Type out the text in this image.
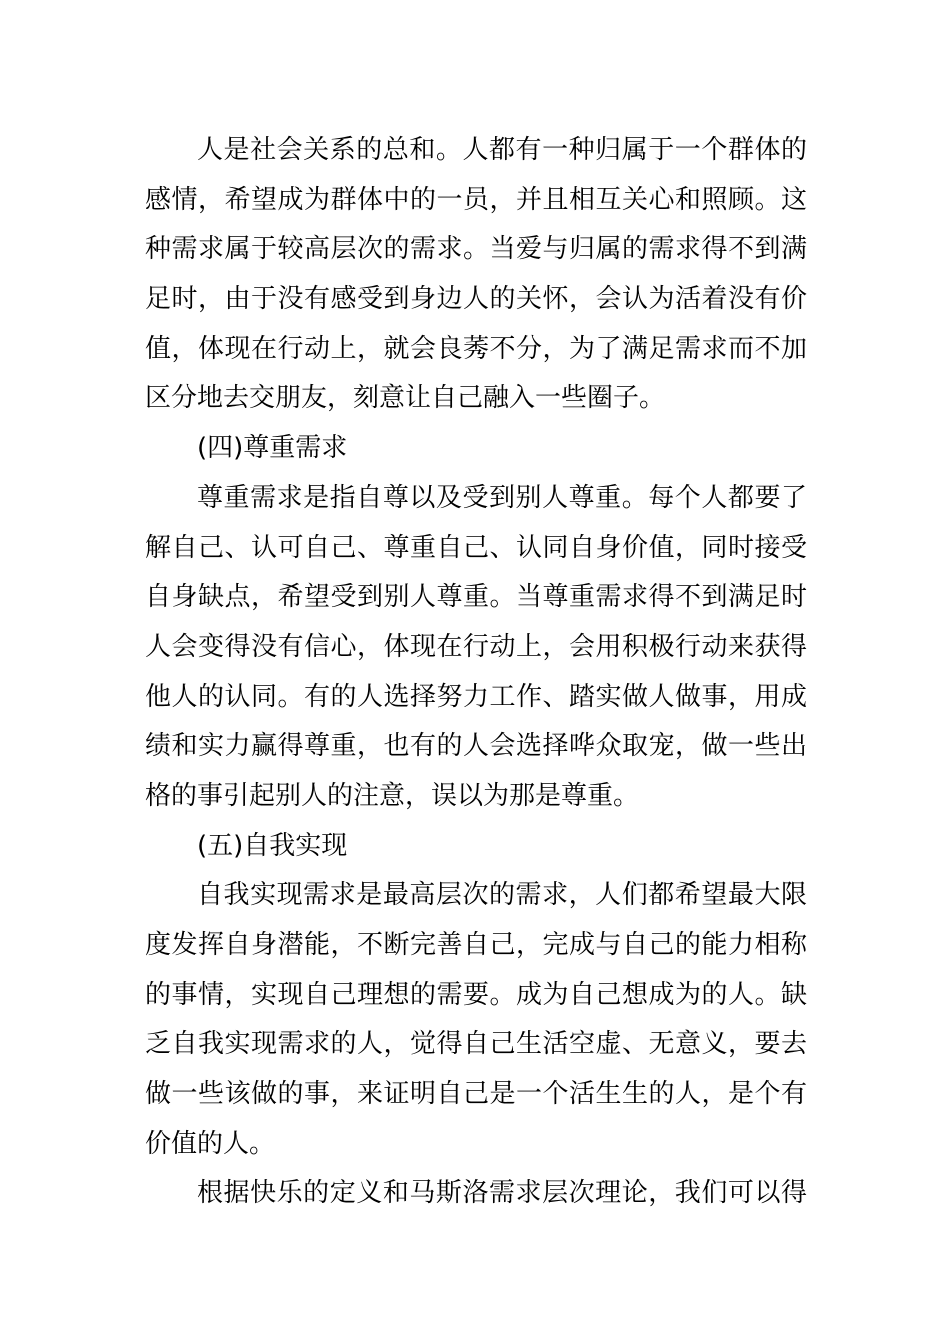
人是社会关系的总和。人都有一种归属于一个群体的
感情，希望成为群体中的一员，并且相互关心和照顾。这
种需求属于较高层次的需求。当爱与归属的需求得不到满
足时，由于没有感受到身边人的关怀，会认为活着没有价
值，体现在行动上，就会良莠不分，为了满足需求而不加
区分地去交朋友，刻意让自己融入一些圈子。
(四)尊重需求
尊重需求是指自尊以及受到别人尊重。每个人都要了
解自己、认可自己、尊重自己、认同自身价值，同时接受
自身缺点，希望受到别人尊重。当尊重需求得不到满足时
人会变得没有信心，体现在行动上，会用积极行动来获得
他人的认同。有的人选择努力工作、踏实做人做事，用成
绩和实力赢得尊重，也有的人会选择哗众取宠，做一些出
格的事引起别人的注意，误以为那是尊重。
(五)自我实现
自我实现需求是最高层次的需求，人们都希望最大限
度发挥自身潜能，不断完善自己，完成与自己的能力相称
的事情，实现自己理想的需要。成为自己想成为的人。缺
乏自我实现需求的人，觉得自己生活空虚、无意义，要去
做一些该做的事，来证明自己是一个活生生的人，是个有
价值的人。
根据快乐的定义和马斯洛需求层次理论，我们可以得
